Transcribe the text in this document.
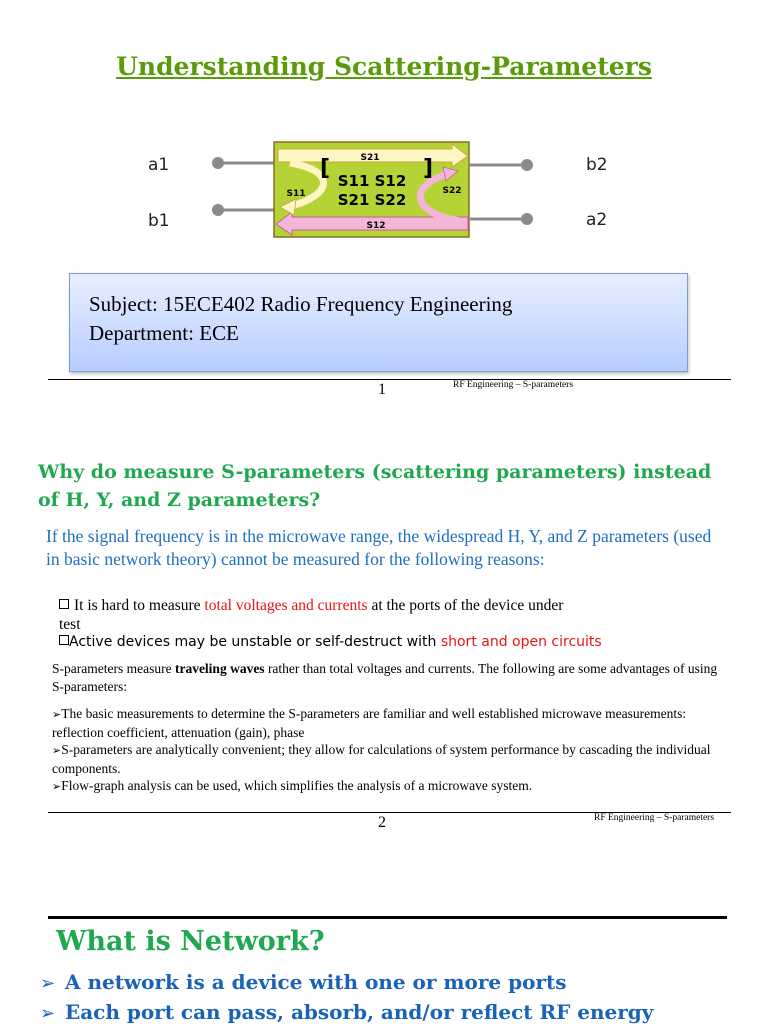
Understanding Scattering-Parameters
S21
S12
S11	S22
[	]
S11 S12
S21 S22
a1
b1
b2
a2
Subject: 15ECE402 Radio Frequency Engineering
Department: ECE
1	RF Engineering – S-parameters
Why do measure S-parameters (scattering parameters) instead of H, Y, and Z parameters?
If the signal frequency is in the microwave range, the widespread H, Y, and Z parameters (used in basic network theory) cannot be measured for the following reasons:
It is hard to measure total voltages and currents at the ports of the device under
test
Active devices may be unstable or self-destruct with short and open circuits
S-parameters measure traveling waves rather than total voltages and currents. The following are some advantages of using S-parameters:
➢The basic measurements to determine the S-parameters are familiar and well established microwave measurements: reflection coefficient, attenuation (gain), phase
➢S-parameters are analytically convenient; they allow for calculations of system performance by cascading the individual components.
➢Flow-graph analysis can be used, which simplifies the analysis of a microwave system.
2	RF Engineering – S-parameters
What is Network?
➢ A network is a device with one or more ports
➢ Each port can pass, absorb, and/or reflect RF energy
